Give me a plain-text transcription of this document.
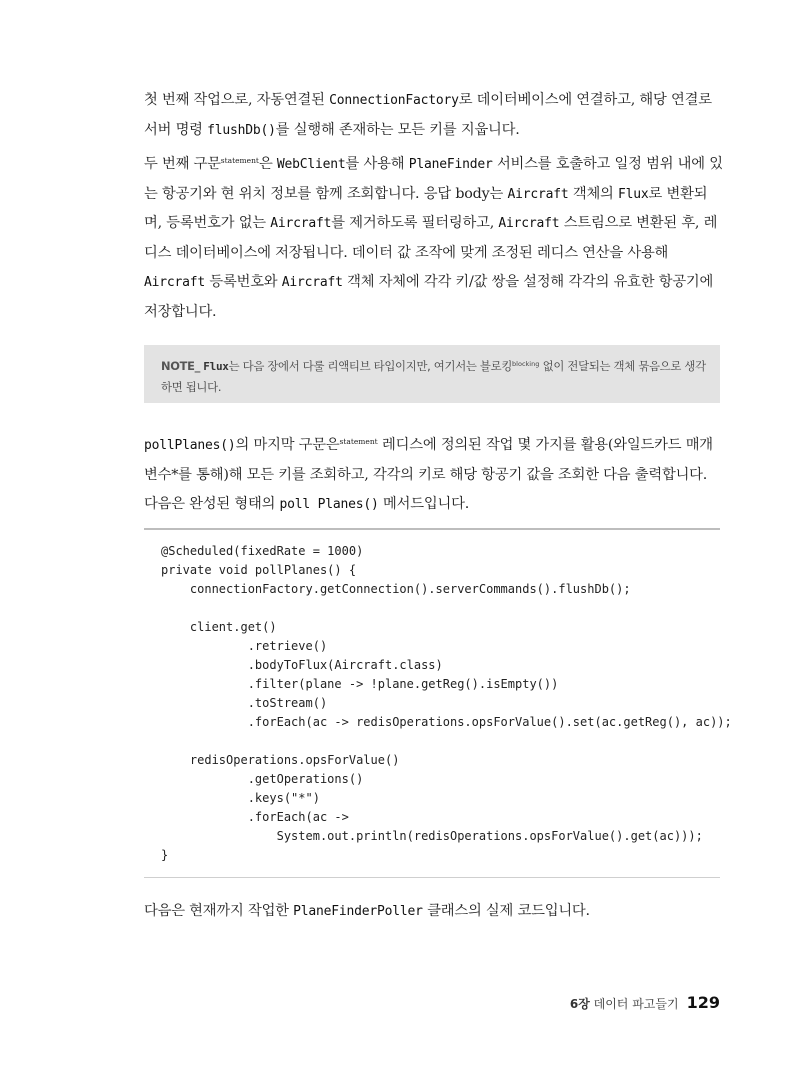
첫 번째 작업으로, 자동연결된 ConnectionFactory로 데이터베이스에 연결하고, 해당 연결로 서버 명령 flushDb()를 실행해 존재하는 모든 키를 지웁니다.

두 번째 구문$^{statement}$은 WebClient를 사용해 PlaneFinder 서비스를 호출하고 일정 범위 내에 있는 항공기와 현 위치 정보를 함께 조회합니다. 응답 body는 Aircraft 객체의 Flux로 변환되며, 등록번호가 없는 Aircraft를 제거하도록 필터링하고, Aircraft 스트림으로 변환된 후, 레디스 데이터베이스에 저장됩니다. 데이터 값 조작에 맞게 조정된 레디스 연산을 사용해 Aircraft 등록번호와 Aircraft 객체 자체에 각각 키/값 쌍을 설정해 각각의 유효한 항공기에 저장합니다.

NOTE_ Flux는 다음 장에서 다룰 리액티브 타입이지만, 여기서는 블로킹$^{blocking}$ 없이 전달되는 객체 묶음으로 생각하면 됩니다.

pollPlanes()의 마지막 구문은$^{statement}$ 레디스에 정의된 작업 몇 가지를 활용(와일드카드 매개변수*를 통해)해 모든 키를 조회하고, 각각의 키로 해당 항공기 값을 조회한 다음 출력합니다. 다음은 완성된 형태의 poll Planes() 메서드입니다.

@Scheduled(fixedRate = 1000)
private void pollPlanes() {
connectionFactory.getConnection().serverCommands().flushDb();

client.get()
.retrieve()
.bodyToFlux(Aircraft.class)
.filter(plane -> !plane.getReg().isEmpty())
.toStream()
.forEach(ac -> redisOperations.opsForValue().set(ac.getReg(), ac));

redisOperations.opsForValue()
.getOperations()
.keys("*")
.forEach(ac ->
System.out.println(redisOperations.opsForValue().get(ac)));
}

다음은 현재까지 작업한 PlaneFinderPoller 클래스의 실제 코드입니다.

6장 데이터 파고들기 129
